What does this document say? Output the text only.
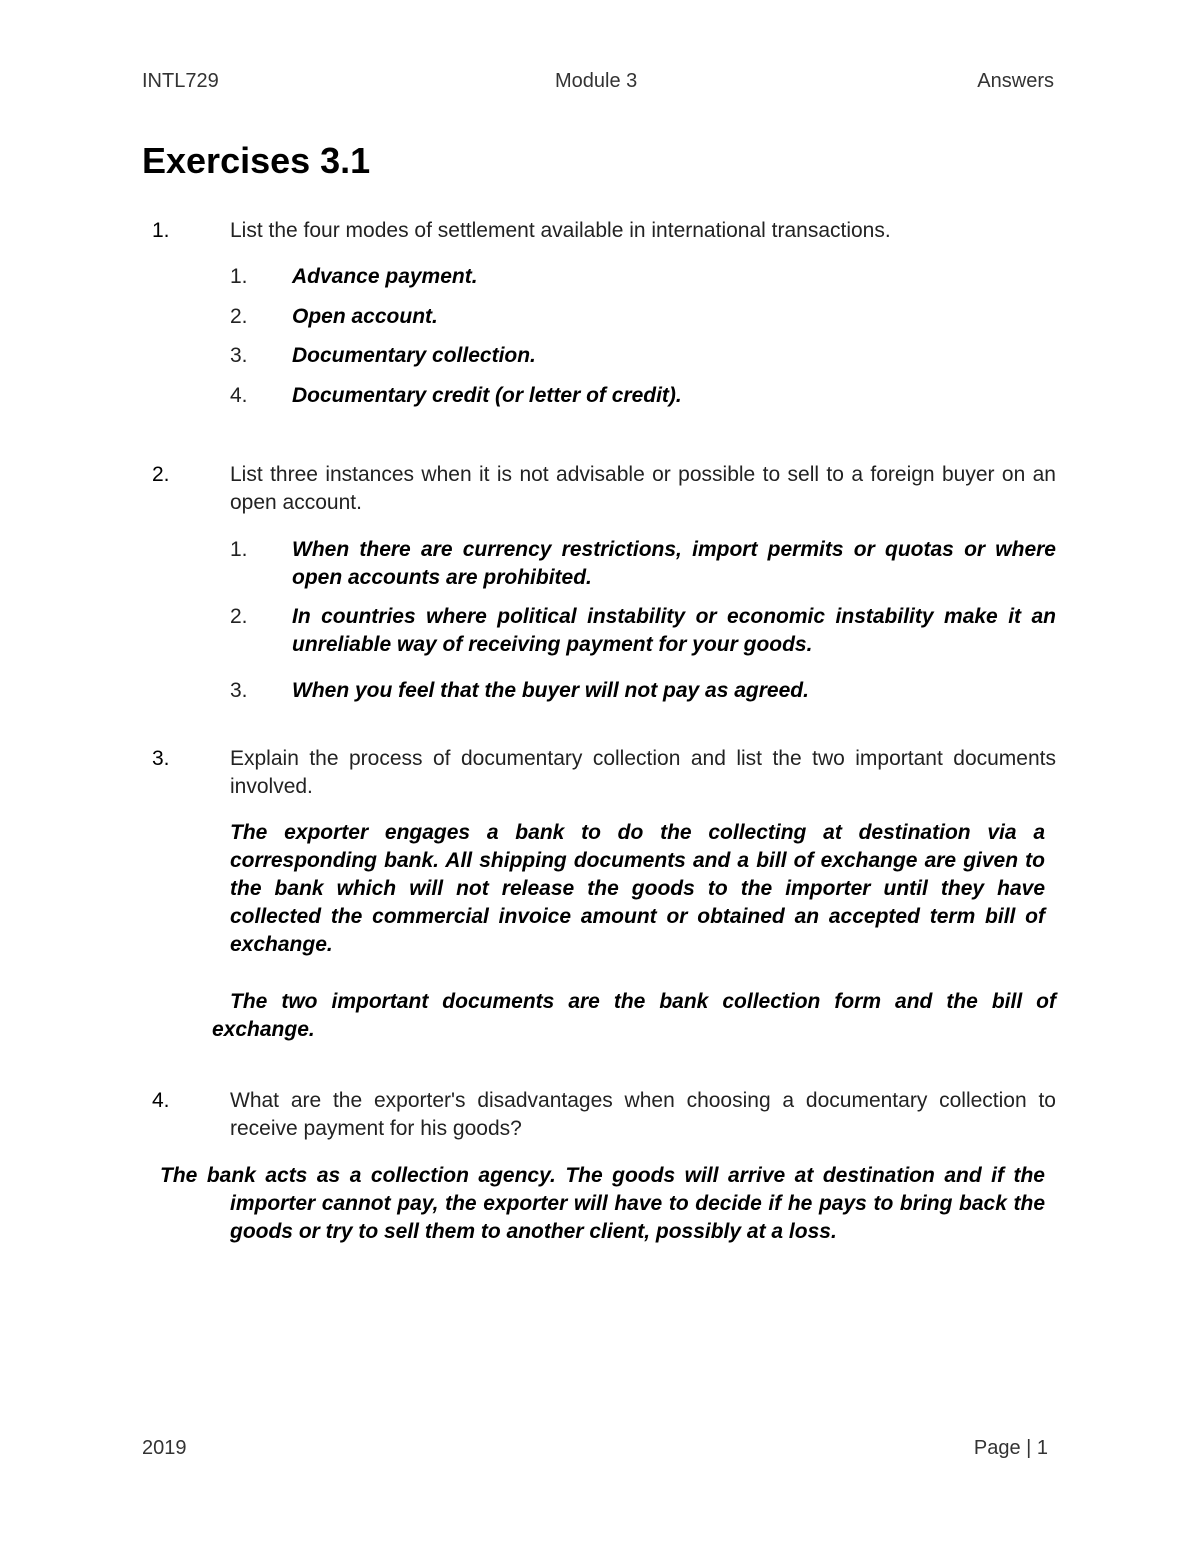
INTL729	Module 3	Answers
Exercises 3.1
1.	List the four modes of settlement available in international transactions.
1. Advance payment.
2. Open account.
3. Documentary collection.
4. Documentary credit (or letter of credit).
2.	List three instances when it is not advisable or possible to sell to a foreign buyer on an open account.
1. When there are currency restrictions, import permits or quotas or where open accounts are prohibited.
2. In countries where political instability or economic instability make it an unreliable way of receiving payment for your goods.
3. When you feel that the buyer will not pay as agreed.
3.	Explain the process of documentary collection and list the two important documents involved.
The exporter engages a bank to do the collecting at destination via a corresponding bank. All shipping documents and a bill of exchange are given to the bank which will not release the goods to the importer until they have collected the commercial invoice amount or obtained an accepted term bill of exchange.
The two important documents are the bank collection form and the bill of exchange.
4.	What are the exporter's disadvantages when choosing a documentary collection to receive payment for his goods?
The bank acts as a collection agency. The goods will arrive at destination and if the importer cannot pay, the exporter will have to decide if he pays to bring back the goods or try to sell them to another client, possibly at a loss.
2019	Page | 1
